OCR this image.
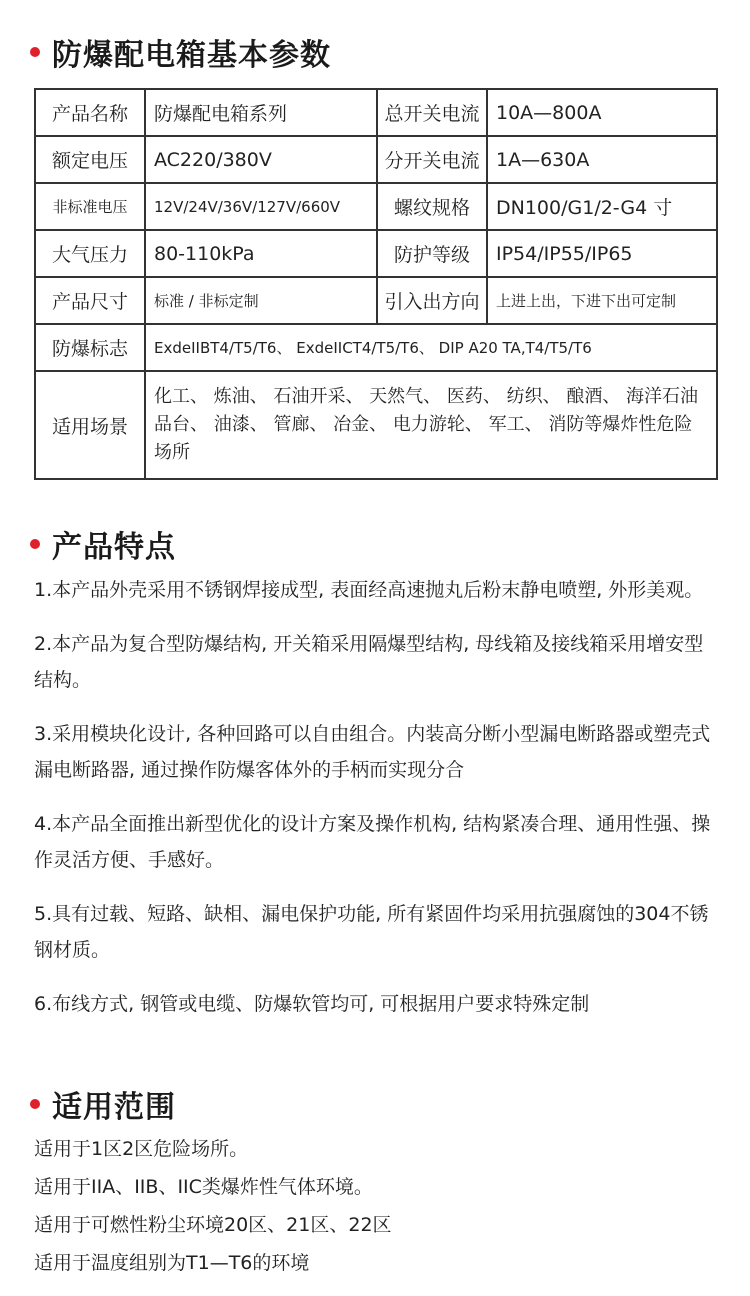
防爆配电箱基本参数
产品名称	防爆配电箱系列	总开关电流	10A—800A
额定电压	AC220/380V	分开关电流	1A—630A
非标准电压	12V/24V/36V/127V/660V	螺纹规格	DN100/G1/2-G4 寸
大气压力	80-110kPa	防护等级	IP54/IP55/IP65
产品尺寸	标准 / 非标定制	引入出方向	上进上出，下进下出可定制
防爆标志	ExdeIIBT4/T5/T6、 ExdeIICT4/T5/T6、 DIP A20 TA,T4/T5/T6		
适用场景	化工、 炼油、 石油开采、 天然气、 医药、 纺织、 酿酒、 海洋石油品台、 油漆、 管廊、 冶金、 电力游轮、 军工、 消防等爆炸性危险场所		
产品特点
1.本产品外壳采用不锈钢焊接成型, 表面经高速抛丸后粉末静电喷塑, 外形美观。
2.本产品为复合型防爆结构, 开关箱采用隔爆型结构, 母线箱及接线箱采用增安型结构。
3.采用模块化设计, 各种回路可以自由组合。内装高分断小型漏电断路器或塑壳式漏电断路器, 通过操作防爆客体外的手柄而实现分合
4.本产品全面推出新型优化的设计方案及操作机构, 结构紧凑合理、通用性强、操作灵活方便、手感好。
5.具有过载、短路、缺相、漏电保护功能, 所有紧固件均采用抗强腐蚀的304不锈钢材质。
6.布线方式, 钢管或电缆、防爆软管均可, 可根据用户要求特殊定制
适用范围
适用于1区2区危险场所。
适用于IIA、IIB、IIC类爆炸性气体环境。
适用于可燃性粉尘环境20区、21区、22区
适用于温度组别为T1—T6的环境
